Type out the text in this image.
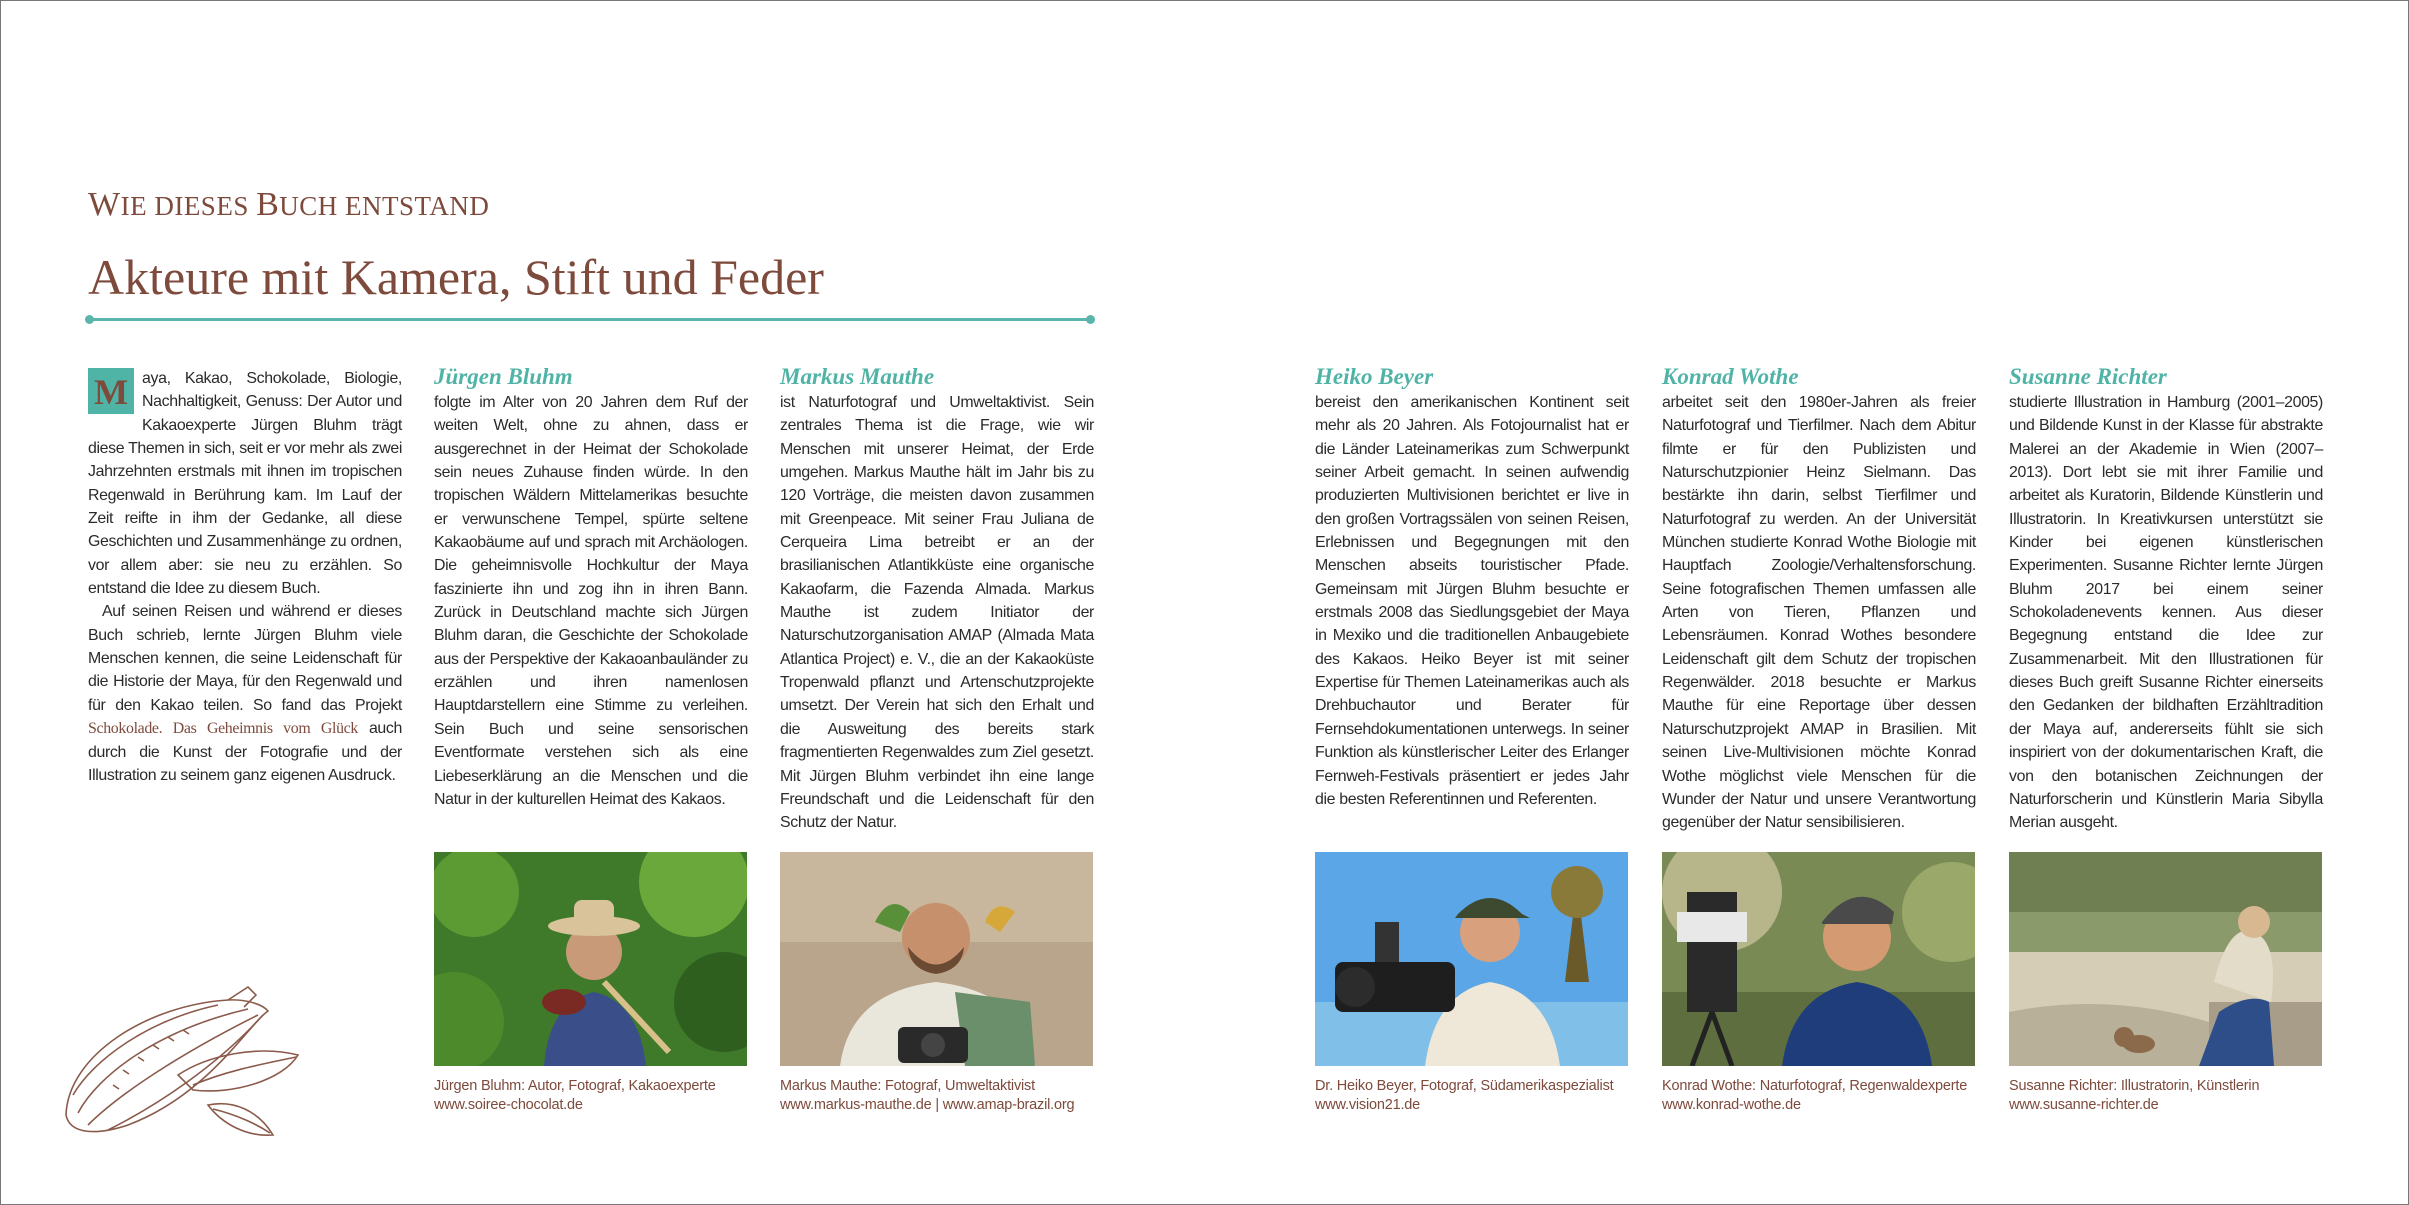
WIE DIESES BUCH ENTSTAND
Akteure mit Kamera, Stift und Feder

M aya, Kakao, Schokolade, Biologie, Nachhaltigkeit, Genuss: Der Autor und Kakaoexperte Jürgen Bluhm trägt diese Themen in sich, seit er vor mehr als zwei Jahrzehnten erstmals mit ihnen im tropischen Regenwald in Berührung kam. Im Lauf der Zeit reifte in ihm der Gedanke, all diese Geschichten und Zusammenhänge zu ordnen, vor allem aber: sie neu zu erzählen. So entstand die Idee zu diesem Buch.

Auf seinen Reisen und während er dieses Buch schrieb, lernte Jürgen Bluhm viele Menschen kennen, die seine Leidenschaft für die Historie der Maya, für den Regenwald und für den Kakao teilen. So fand das Projekt Schokolade. Das Geheimnis vom Glück auch durch die Kunst der Fotografie und der Illustration zu seinem ganz eigenen Ausdruck.

Jürgen Bluhm

folgte im Alter von 20 Jahren dem Ruf der weiten Welt, ohne zu ahnen, dass er ausgerechnet in der Heimat der Schokolade sein neues Zuhause finden würde. In den tropischen Wäldern Mittelamerikas besuchte er verwunschene Tempel, spürte seltene Kakaobäume auf und sprach mit Archäologen. Die geheimnisvolle Hochkultur der Maya faszinierte ihn und zog ihn in ihren Bann. Zurück in Deutschland machte sich Jürgen Bluhm daran, die Geschichte der Schokolade aus der Perspektive der Kakaoanbauländer zu erzählen und ihren namenlosen Hauptdarstellern eine Stimme zu verleihen. Sein Buch und seine sensorischen Eventformate verstehen sich als eine Liebeserklärung an die Menschen und die Natur in der kulturellen Heimat des Kakaos.

Markus Mauthe

ist Naturfotograf und Umweltaktivist. Sein zentrales Thema ist die Frage, wie wir Menschen mit unserer Heimat, der Erde umgehen. Markus Mauthe hält im Jahr bis zu 120 Vorträge, die meisten davon zusammen mit Greenpeace. Mit seiner Frau Juliana de Cerqueira Lima betreibt er an der brasilianischen Atlantikküste eine organische Kakaofarm, die Fazenda Almada. Markus Mauthe ist zudem Initiator der Naturschutzorganisation AMAP (Almada Mata Atlantica Project) e. V., die an der Kakaoküste Tropenwald pflanzt und Artenschutzprojekte umsetzt. Der Verein hat sich den Erhalt und die Ausweitung des bereits stark fragmentierten Regenwaldes zum Ziel gesetzt. Mit Jürgen Bluhm verbindet ihn eine lange Freundschaft und die Leidenschaft für den Schutz der Natur.

Heiko Beyer

bereist den amerikanischen Kontinent seit mehr als 20 Jahren. Als Fotojournalist hat er die Länder Lateinamerikas zum Schwerpunkt seiner Arbeit gemacht. In seinen aufwendig produzierten Multivisionen berichtet er live in den großen Vortragssälen von seinen Reisen, Erlebnissen und Begegnungen mit den Menschen abseits touristischer Pfade. Gemeinsam mit Jürgen Bluhm besuchte er erstmals 2008 das Siedlungsgebiet der Maya in Mexiko und die traditionellen Anbaugebiete des Kakaos. Heiko Beyer ist mit seiner Expertise für Themen Lateinamerikas auch als Drehbuchautor und Berater für Fernsehdokumentationen unterwegs. In seiner Funktion als künstlerischer Leiter des Erlanger Fernweh-Festivals präsentiert er jedes Jahr die besten Referentinnen und Referenten.

Konrad Wothe

arbeitet seit den 1980er-Jahren als freier Naturfotograf und Tierfilmer. Nach dem Abitur filmte er für den Publizisten und Naturschutzpionier Heinz Sielmann. Das bestärkte ihn darin, selbst Tierfilmer und Naturfotograf zu werden. An der Universität München studierte Konrad Wothe Biologie mit Hauptfach Zoologie/Verhaltensforschung. Seine fotografischen Themen umfassen alle Arten von Tieren, Pflanzen und Lebensräumen. Konrad Wothes besondere Leidenschaft gilt dem Schutz der tropischen Regenwälder. 2018 besuchte er Markus Mauthe für eine Reportage über dessen Naturschutzprojekt AMAP in Brasilien. Mit seinen Live-Multivisionen möchte Konrad Wothe möglichst viele Menschen für die Wunder der Natur und unsere Verantwortung gegenüber der Natur sensibilisieren.

Susanne Richter

studierte Illustration in Hamburg (2001–2005) und Bildende Kunst in der Klasse für abstrakte Malerei an der Akademie in Wien (2007–2013). Dort lebt sie mit ihrer Familie und arbeitet als Kuratorin, Bildende Künstlerin und Illustratorin. In Kreativkursen unterstützt sie Kinder bei eigenen künstlerischen Experimenten. Susanne Richter lernte Jürgen Bluhm 2017 bei einem seiner Schokoladenevents kennen. Aus dieser Begegnung entstand die Idee zur Zusammenarbeit. Mit den Illustrationen für dieses Buch greift Susanne Richter einerseits den Gedanken der bildhaften Erzähltradition der Maya auf, andererseits fühlt sie sich inspiriert von der dokumentarischen Kraft, die von den botanischen Zeichnungen der Naturforscherin und Künstlerin Maria Sibylla Merian ausgeht.

Jürgen Bluhm: Autor, Fotograf, Kakaoexperte
www.soiree-chocolat.de
Markus Mauthe: Fotograf, Umweltaktivist
www.markus-mauthe.de | www.amap-brazil.org
Dr. Heiko Beyer, Fotograf, Südamerikaspezialist
www.vision21.de
Konrad Wothe: Naturfotograf, Regenwaldexperte
www.konrad-wothe.de
Susanne Richter: Illustratorin, Künstlerin
www.susanne-richter.de
